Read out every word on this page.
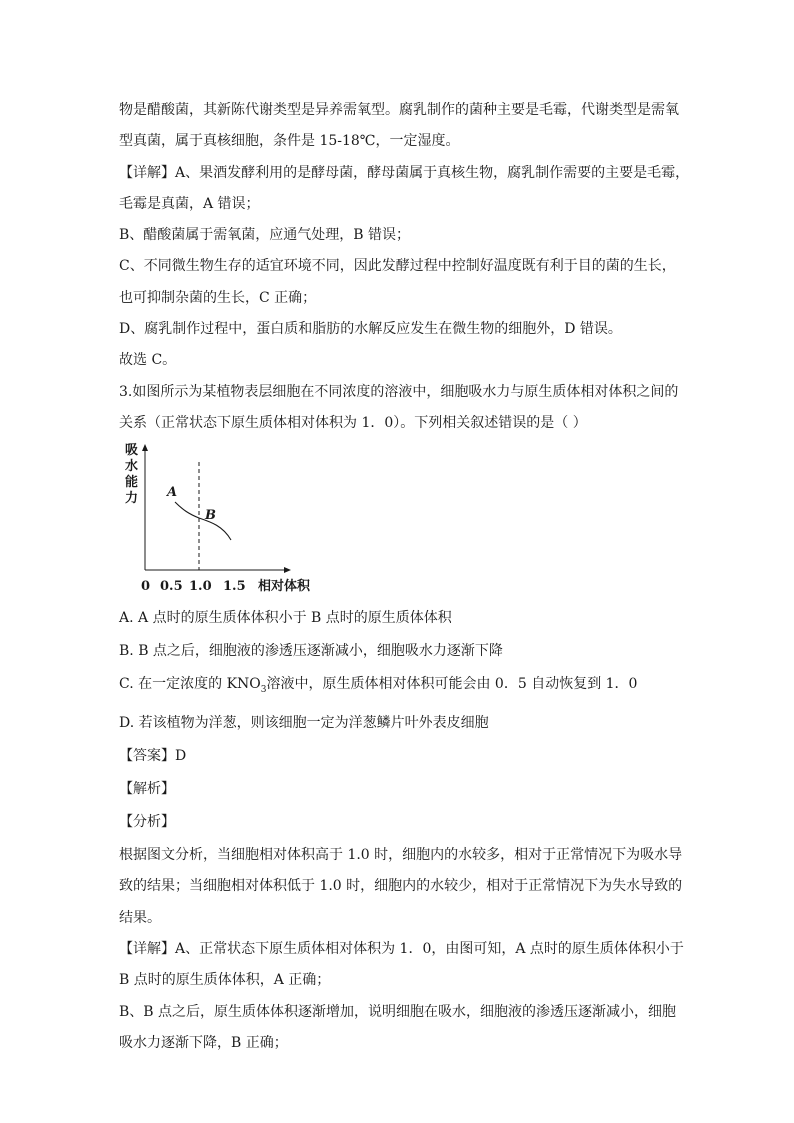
物是醋酸菌，其新陈代谢类型是异养需氧型。腐乳制作的菌种主要是毛霉，代谢类型是需氧
型真菌，属于真核细胞，条件是 15-18℃，一定湿度。
【详解】A、果酒发酵利用的是酵母菌，酵母菌属于真核生物，腐乳制作需要的主要是毛霉，
毛霉是真菌，A 错误；
B、醋酸菌属于需氧菌，应通气处理，B 错误；
C、不同微生物生存的适宜环境不同，因此发酵过程中控制好温度既有利于目的菌的生长，
也可抑制杂菌的生长，C 正确；
D、腐乳制作过程中，蛋白质和脂肪的水解反应发生在微生物的细胞外，D 错误。
故选 C。
3.如图所示为某植物表层细胞在不同浓度的溶液中，细胞吸水力与原生质体相对体积之间的
关系（正常状态下原生质体相对体积为 1．0）。下列相关叙述错误的是（ ）
吸
水
能
力 A
B
0 0.5 1.0 1.5 相对体积
A. A 点时的原生质体体积小于 B 点时的原生质体体积
B. B 点之后，细胞液的渗透压逐渐减小，细胞吸水力逐渐下降
C. 在一定浓度的 $KNO_3$溶液中，原生质体相对体积可能会由 0．5 自动恢复到 1．0
D. 若该植物为洋葱，则该细胞一定为洋葱鳞片叶外表皮细胞
【答案】D
【解析】
【分析】
根据图文分析，当细胞相对体积高于 1.0 时，细胞内的水较多，相对于正常情况下为吸水导
致的结果；当细胞相对体积低于 1.0 时，细胞内的水较少，相对于正常情况下为失水导致的
结果。
【详解】A、正常状态下原生质体相对体积为 1．0，由图可知，A 点时的原生质体体积小于
B 点时的原生质体体积，A 正确；
B、B 点之后，原生质体体积逐渐增加，说明细胞在吸水，细胞液的渗透压逐渐减小，细胞
吸水力逐渐下降，B 正确；
